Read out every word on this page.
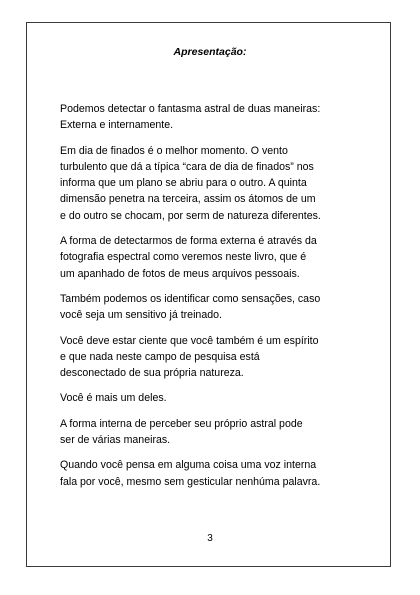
Apresentação:

Podemos detectar o fantasma astral de duas maneiras:
Externa e internamente.

Em dia de finados é o melhor momento. O vento
turbulento que dá a típica “cara de dia de finados” nos
informa que um plano se abriu para o outro. A quinta
dimensão penetra na terceira, assim os átomos de um
e do outro se chocam, por serm de natureza diferentes.

A forma de detectarmos de forma externa é através da
fotografia espectral como veremos neste livro, que é
um apanhado de fotos de meus arquivos pessoais.

Também podemos os identificar como sensações, caso
você seja um sensitivo já treinado.

Você deve estar ciente que você também é um espírito
e que nada neste campo de pesquisa está
desconectado de sua própria natureza.

Você é mais um deles.

A forma interna de perceber seu próprio astral pode
ser de várias maneiras.

Quando você pensa em alguma coisa uma voz interna
fala por você, mesmo sem gesticular nenhúma palavra.

3
